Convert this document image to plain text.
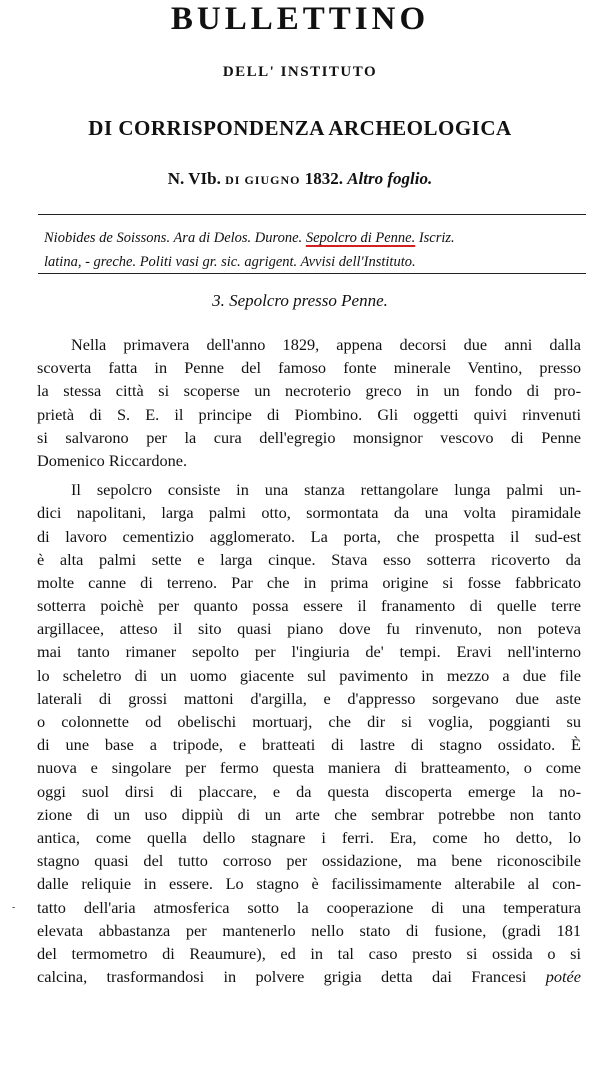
BULLETTINO
DELL' INSTITUTO
DI CORRISPONDENZA ARCHEOLOGICA
N. VIb. DI GIUGNO 1832. Altro foglio.
Niobides de Soissons. Ara di Delos. Durone. Sepolcro di Penne. Iscriz.
latina, - greche. Politi vasi gr. sic. agrigent. Avvisi dell'Instituto.
3. Sepolcro presso Penne.
Nella primavera dell'anno 1829, appena decorsi due anni dalla
scoverta fatta in Penne del famoso fonte minerale Ventino, presso
la stessa città si scoperse un necroterio greco in un fondo di pro-
prietà di S. E. il principe di Piombino. Gli oggetti quivi rinvenuti
si salvarono per la cura dell'egregio monsignor vescovo di Penne
Domenico Riccardone.
Il sepolcro consiste in una stanza rettangolare lunga palmi un-
dici napolitani, larga palmi otto, sormontata da una volta piramidale
di lavoro cementizio agglomerato. La porta, che prospetta il sud-est
è alta palmi sette e larga cinque. Stava esso sotterra ricoverto da
molte canne di terreno. Par che in prima origine si fosse fabbricato
sotterra poichè per quanto possa essere il franamento di quelle terre
argillacee, atteso il sito quasi piano dove fu rinvenuto, non poteva
mai tanto rimaner sepolto per l'ingiuria de' tempi. Eravi nell'interno
lo scheletro di un uomo giacente sul pavimento in mezzo a due file
laterali di grossi mattoni d'argilla, e d'appresso sorgevano due aste
o colonnette od obelischi mortuarj, che dir si voglia, poggianti su
di une base a tripode, e bratteati di lastre di stagno ossidato. È
nuova e singolare per fermo questa maniera di bratteamento, o come
oggi suol dirsi di placcare, e da questa discoperta emerge la no-
zione di un uso dippiù di un arte che sembrar potrebbe non tanto
antica, come quella dello stagnare i ferri. Era, come ho detto, lo
stagno quasi del tutto corroso per ossidazione, ma bene riconoscibile
dalle reliquie in essere. Lo stagno è facilissimamente alterabile al con-
tatto dell'aria atmosferica sotto la cooperazione di una temperatura
elevata abbastanza per mantenerlo nello stato di fusione, (gradi 181
del termometro di Reaumure), ed in tal caso presto si ossida o si
calcina, trasformandosi in polvere grigia detta dai Francesi potée
-
